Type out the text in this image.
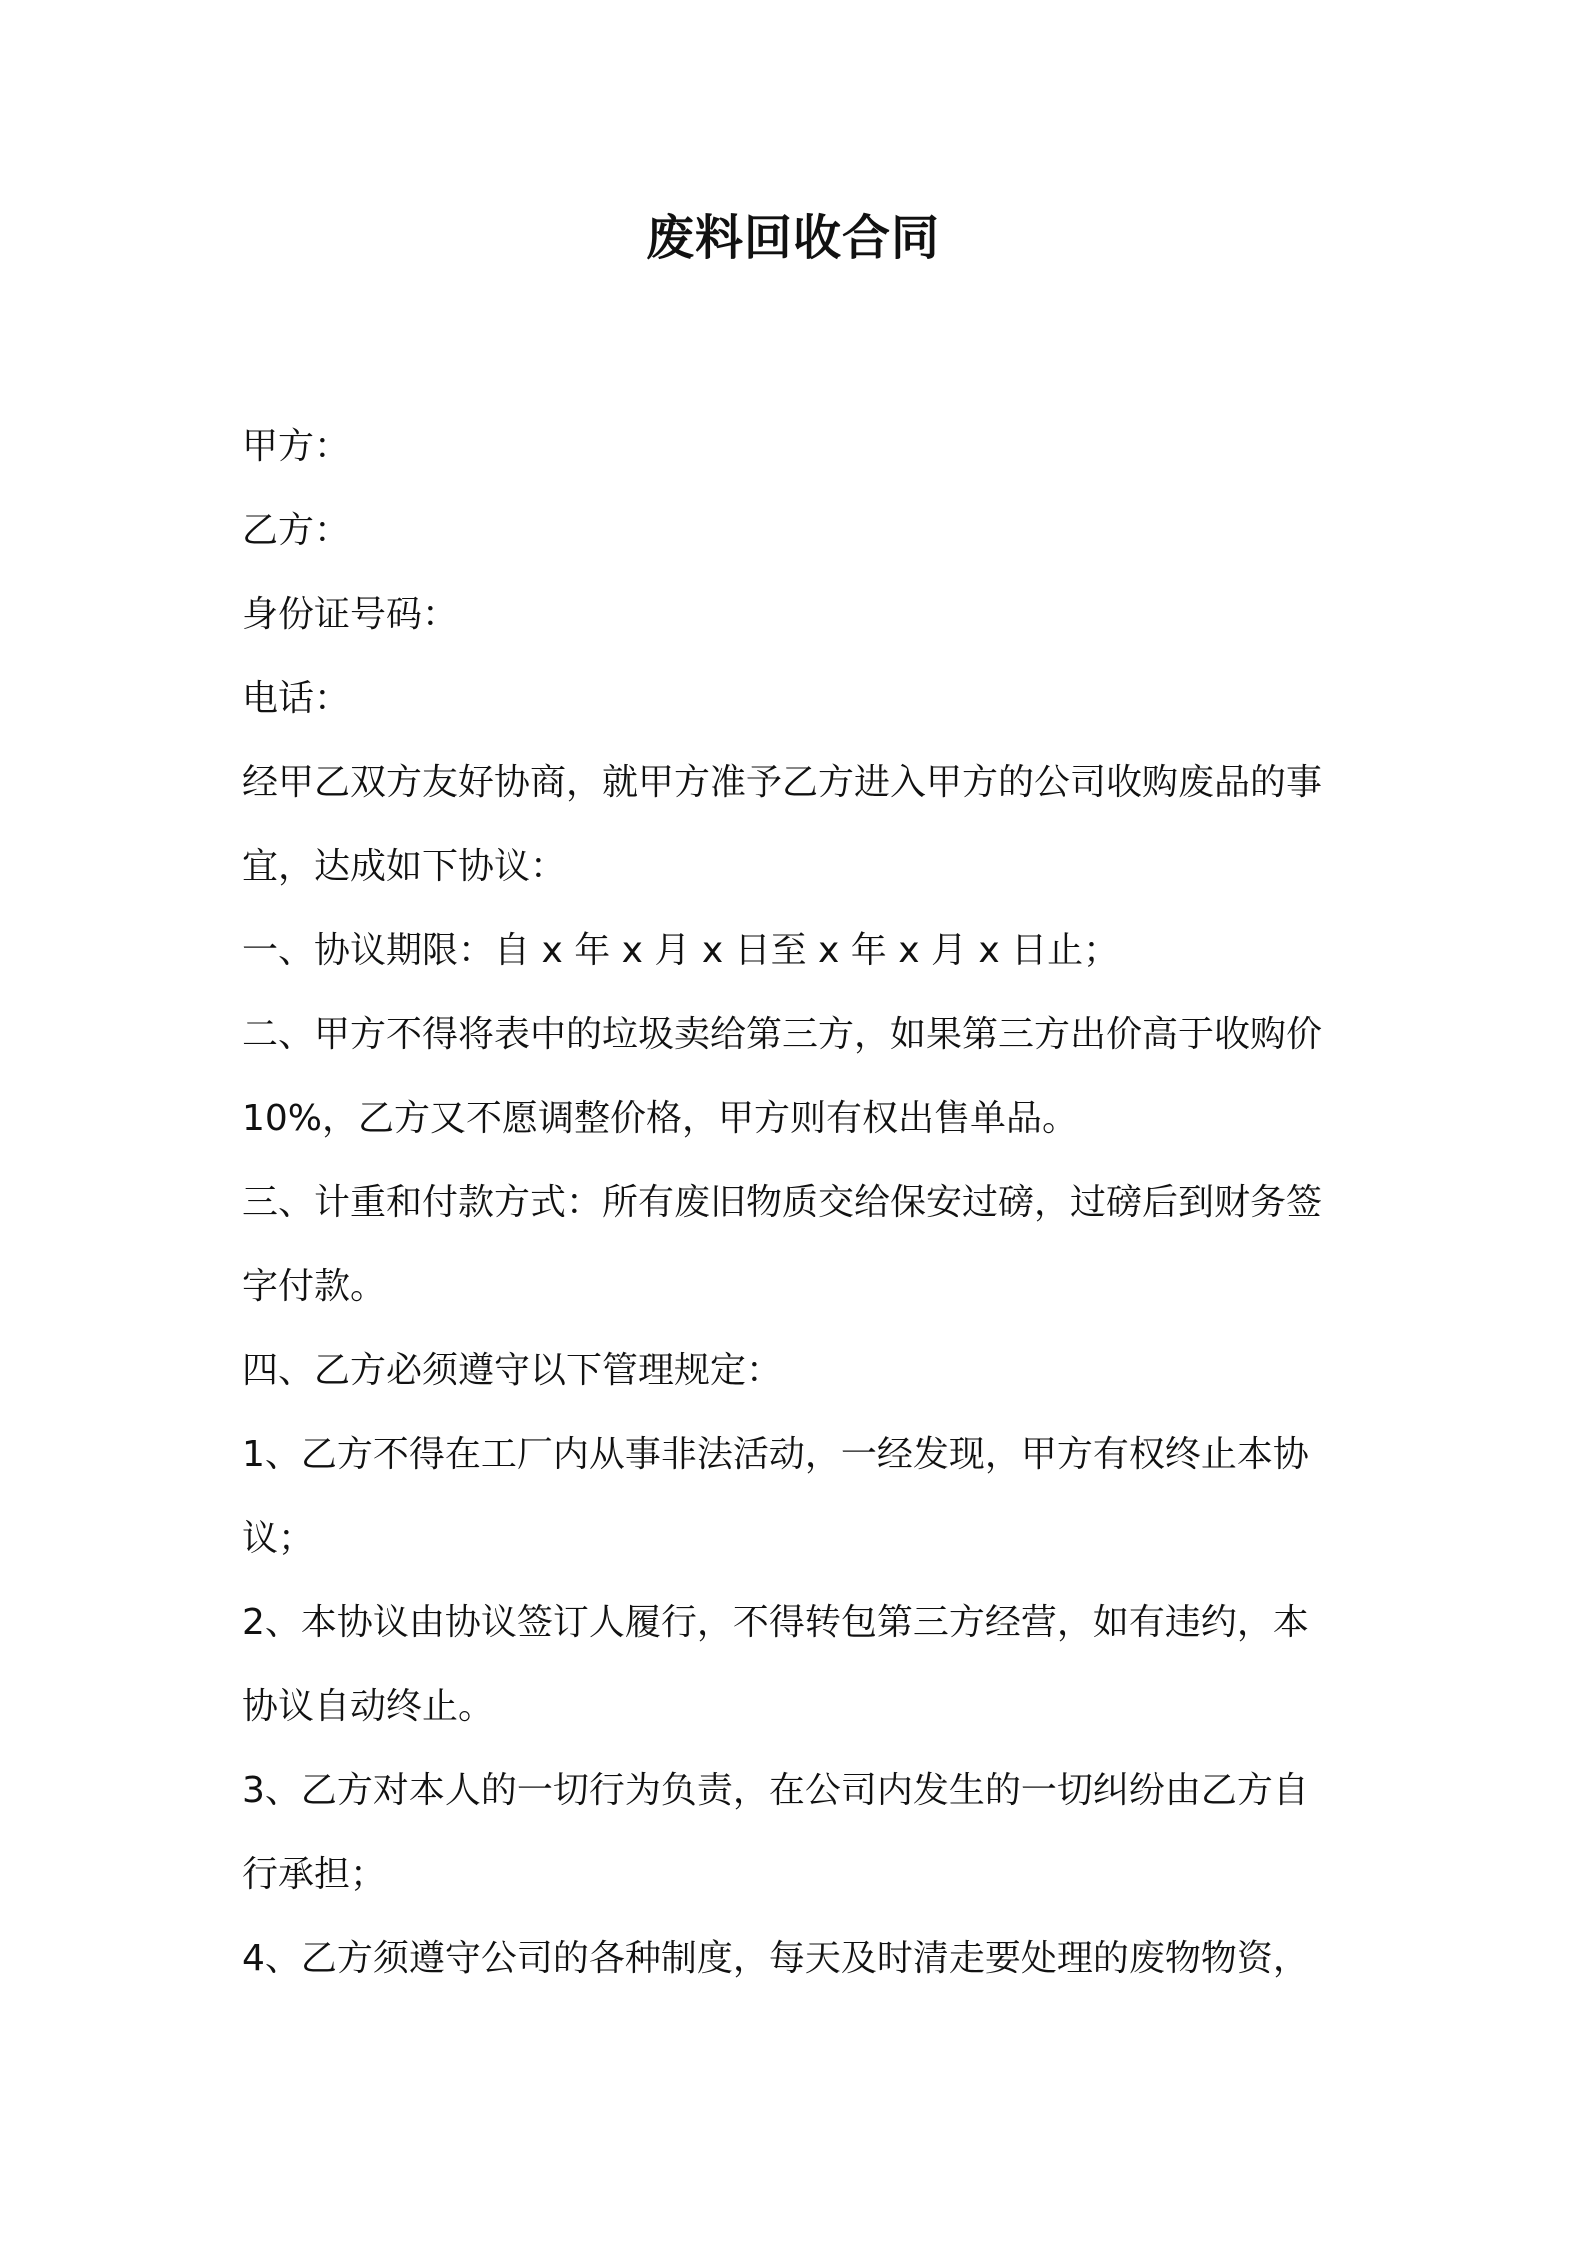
废料回收合同

甲方：

乙方：

身份证号码：

电话：

经甲乙双方友好协商，就甲方准予乙方进入甲方的公司收购废品的事

宜，达成如下协议：

一、协议期限：自 x 年 x 月 x 日至 x 年 x 月 x 日止；

二、甲方不得将表中的垃圾卖给第三方，如果第三方出价高于收购价

10%，乙方又不愿调整价格，甲方则有权出售单品。

三、计重和付款方式：所有废旧物质交给保安过磅，过磅后到财务签

字付款。

四、乙方必须遵守以下管理规定：

1、乙方不得在工厂内从事非法活动，一经发现，甲方有权终止本协

议；

2、本协议由协议签订人履行，不得转包第三方经营，如有违约，本

协议自动终止。

3、乙方对本人的一切行为负责，在公司内发生的一切纠纷由乙方自

行承担；

4、乙方须遵守公司的各种制度，每天及时清走要处理的废物物资，
